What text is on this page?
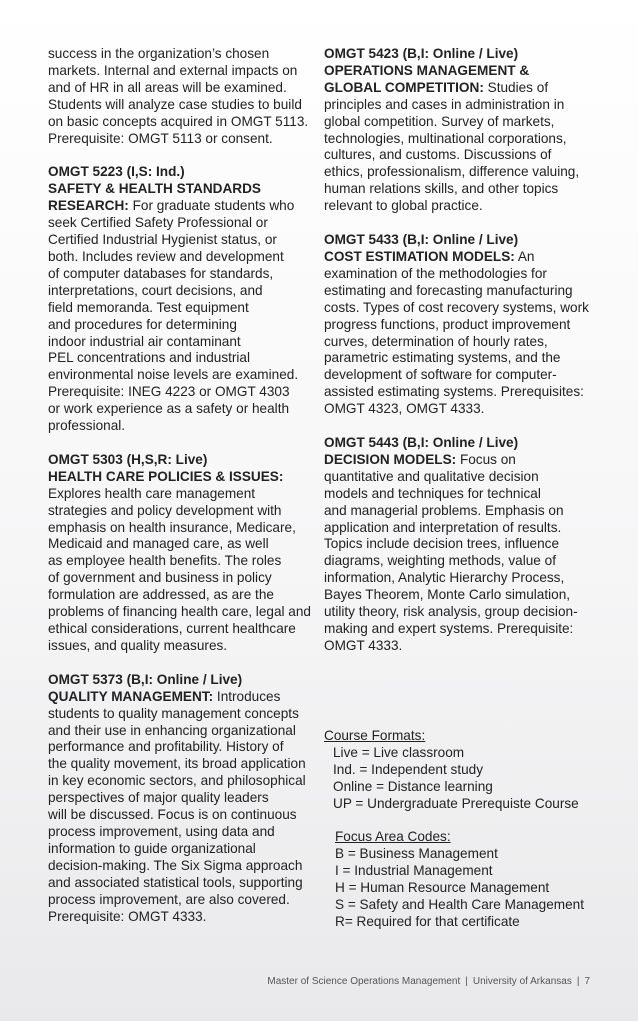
success in the organization’s chosen
markets. Internal and external impacts on
and of HR in all areas will be examined.
Students will analyze case studies to build
on basic concepts acquired in OMGT 5113.
Prerequisite: OMGT 5113 or consent.
OMGT 5223 (I,S: Ind.)
SAFETY & HEALTH STANDARDS
RESEARCH: For graduate students who
seek Certified Safety Professional or
Certified Industrial Hygienist status, or
both. Includes review and development
of computer databases for standards,
interpretations, court decisions, and
field memoranda. Test equipment
and procedures for determining
indoor industrial air contaminant
PEL concentrations and industrial
environmental noise levels are examined.
Prerequisite: INEG 4223 or OMGT 4303
or work experience as a safety or health
professional.
OMGT 5303 (H,S,R: Live)
HEALTH CARE POLICIES & ISSUES:
Explores health care management
strategies and policy development with
emphasis on health insurance, Medicare,
Medicaid and managed care, as well
as employee health benefits. The roles
of government and business in policy
formulation are addressed, as are the
problems of financing health care, legal and
ethical considerations, current healthcare
issues, and quality measures.
OMGT 5373 (B,I: Online / Live)
QUALITY MANAGEMENT: Introduces
students to quality management concepts
and their use in enhancing organizational
performance and profitability. History of
the quality movement, its broad application
in key economic sectors, and philosophical
perspectives of major quality leaders
will be discussed. Focus is on continuous
process improvement, using data and
information to guide organizational
decision-making. The Six Sigma approach
and associated statistical tools, supporting
process improvement, are also covered.
Prerequisite: OMGT 4333.
OMGT 5423 (B,I: Online / Live)
OPERATIONS MANAGEMENT &
GLOBAL COMPETITION: Studies of
principles and cases in administration in
global competition. Survey of markets,
technologies, multinational corporations,
cultures, and customs. Discussions of
ethics, professionalism, difference valuing,
human relations skills, and other topics
relevant to global practice.
OMGT 5433 (B,I: Online / Live)
COST ESTIMATION MODELS: An
examination of the methodologies for
estimating and forecasting manufacturing
costs. Types of cost recovery systems, work
progress functions, product improvement
curves, determination of hourly rates,
parametric estimating systems, and the
development of software for computer-
assisted estimating systems. Prerequisites:
OMGT 4323, OMGT 4333.
OMGT 5443 (B,I: Online / Live)
DECISION MODELS: Focus on
quantitative and qualitative decision
models and techniques for technical
and managerial problems. Emphasis on
application and interpretation of results.
Topics include decision trees, influence
diagrams, weighting methods, value of
information, Analytic Hierarchy Process,
Bayes Theorem, Monte Carlo simulation,
utility theory, risk analysis, group decision-
making and expert systems. Prerequisite:
OMGT 4333.
Course Formats:
Live = Live classroom
Ind. = Independent study
Online = Distance learning
UP = Undergraduate Prerequiste Course
Focus Area Codes:
B = Business Management
I = Industrial Management
H = Human Resource Management
S = Safety and Health Care Management
R= Required for that certificate
Master of Science Operations Management | University of Arkansas | 7
